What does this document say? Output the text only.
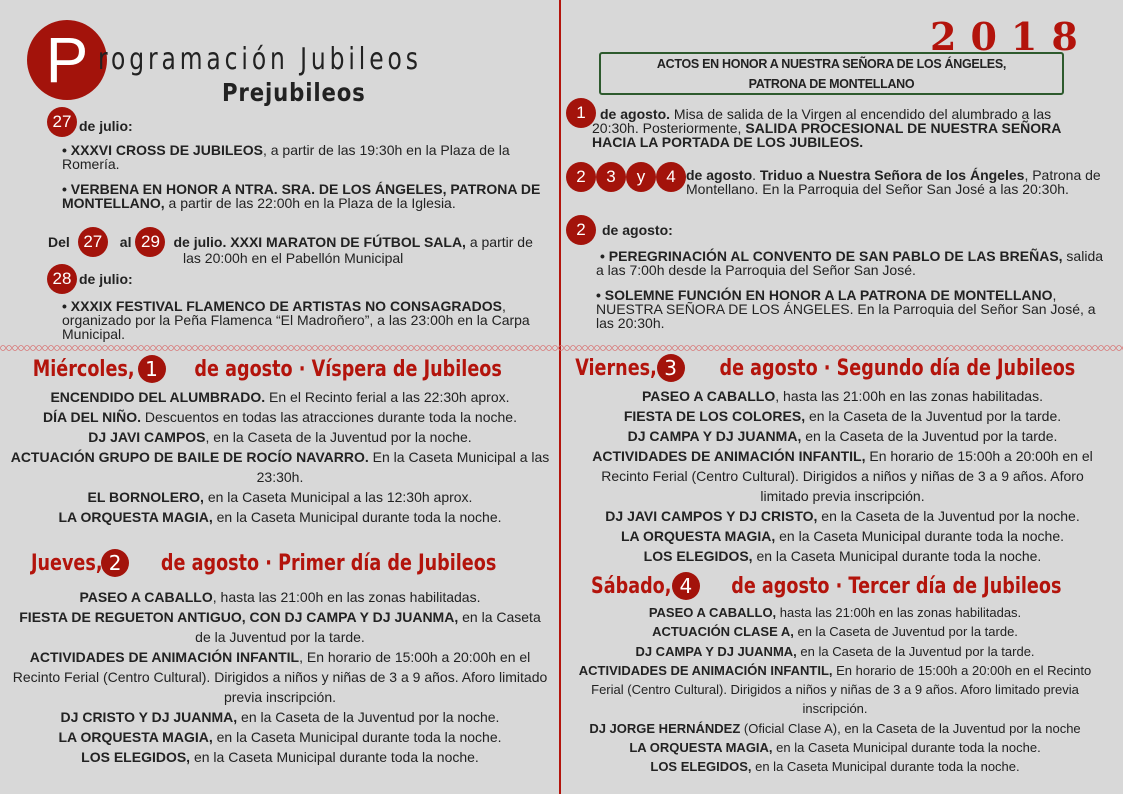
P rogramación Jubileos
Prejubileos
2018
27 de julio:
• XXXVI CROSS DE JUBILEOS, a partir de las 19:30h en la Plaza de la Romería.
• VERBENA EN HONOR A NTRA. SRA. DE LOS ÁNGELES, PATRONA DE MONTELLANO, a partir de las 22:00h en la Plaza de la Iglesia.
Del 27	al 29 de julio. XXXI MARATON DE FÚTBOL SALA, a partir de
las 20:00h en el Pabellón Municipal
28 de julio:
• XXXIX FESTIVAL FLAMENCO DE ARTISTAS NO CONSAGRADOS, organizado por la Peña Flamenca “El Madroñero”, a las 23:00h en la Carpa Municipal.
ACTOS EN HONOR A NUESTRA SEÑORA DE LOS ÁNGELES,
PATRONA DE MONTELLANO
1	de agosto. Misa de salida de la Virgen al encendido del alumbrado a las 20:30h. Posteriormente, SALIDA PROCESIONAL DE NUESTRA SEÑORA HACIA LA PORTADA DE LOS JUBILEOS.
2	3	y	4 de agosto. Triduo a Nuestra Señora de los Ángeles, Patrona de Montellano. En la Parroquia del Señor San José a las 20:30h.
2	de agosto:
• PEREGRINACIÓN AL CONVENTO DE SAN PABLO DE LAS BREÑAS, salida a las 7:00h desde la Parroquia del Señor San José.
• SOLEMNE FUNCIÓN EN HONOR A LA PATRONA DE MONTELLANO, NUESTRA SEÑORA DE LOS ÁNGELES. En la Parroquia del Señor San José, a las 20:30h.
Miércoles, 1	de agosto · Víspera de Jubileos
ENCENDIDO DEL ALUMBRADO. En el Recinto ferial a las 22:30h aprox.
DÍA DEL NIÑO. Descuentos en todas las atracciones durante toda la noche.
DJ JAVI CAMPOS, en la Caseta de la Juventud por la noche.
ACTUACIÓN GRUPO DE BAILE DE ROCÍO NAVARRO. En la Caseta Municipal a las 23:30h.
EL BORNOLERO, en la Caseta Municipal a las 12:30h aprox.
LA ORQUESTA MAGIA, en la Caseta Municipal durante toda la noche.
Jueves, 2	de agosto · Primer día de Jubileos
PASEO A CABALLO, hasta las 21:00h en las zonas habilitadas.
FIESTA DE REGUETON ANTIGUO, CON DJ CAMPA Y DJ JUANMA, en la Caseta de la Juventud por la tarde.
ACTIVIDADES DE ANIMACIÓN INFANTIL, En horario de 15:00h a 20:00h en el Recinto Ferial (Centro Cultural). Dirigidos a niños y niñas de 3 a 9 años. Aforo limitado previa inscripción.
DJ CRISTO Y DJ JUANMA, en la Caseta de la Juventud por la noche.
LA ORQUESTA MAGIA, en la Caseta Municipal durante toda la noche.
LOS ELEGIDOS, en la Caseta Municipal durante toda la noche.
Viernes, 3	de agosto · Segundo día de Jubileos
PASEO A CABALLO, hasta las 21:00h en las zonas habilitadas.
FIESTA DE LOS COLORES, en la Caseta de la Juventud por la tarde.
DJ CAMPA Y DJ JUANMA, en la Caseta de la Juventud por la tarde.
ACTIVIDADES DE ANIMACIÓN INFANTIL, En horario de 15:00h a 20:00h en el Recinto Ferial (Centro Cultural). Dirigidos a niños y niñas de 3 a 9 años. Aforo limitado previa inscripción.
DJ JAVI CAMPOS Y DJ CRISTO, en la Caseta de la Juventud por la noche.
LA ORQUESTA MAGIA, en la Caseta Municipal durante toda la noche.
LOS ELEGIDOS, en la Caseta Municipal durante toda la noche.
Sábado, 4	de agosto · Tercer día de Jubileos
PASEO A CABALLO, hasta las 21:00h en las zonas habilitadas.
ACTUACIÓN CLASE A, en la Caseta de Juventud por la tarde.
DJ CAMPA Y DJ JUANMA, en la Caseta de la Juventud por la tarde.
ACTIVIDADES DE ANIMACIÓN INFANTIL, En horario de 15:00h a 20:00h en el Recinto Ferial (Centro Cultural). Dirigidos a niños y niñas de 3 a 9 años. Aforo limitado previa inscripción.
DJ JORGE HERNÁNDEZ (Oficial Clase A), en la Caseta de la Juventud por la noche
LA ORQUESTA MAGIA, en la Caseta Municipal durante toda la noche.
LOS ELEGIDOS, en la Caseta Municipal durante toda la noche.
